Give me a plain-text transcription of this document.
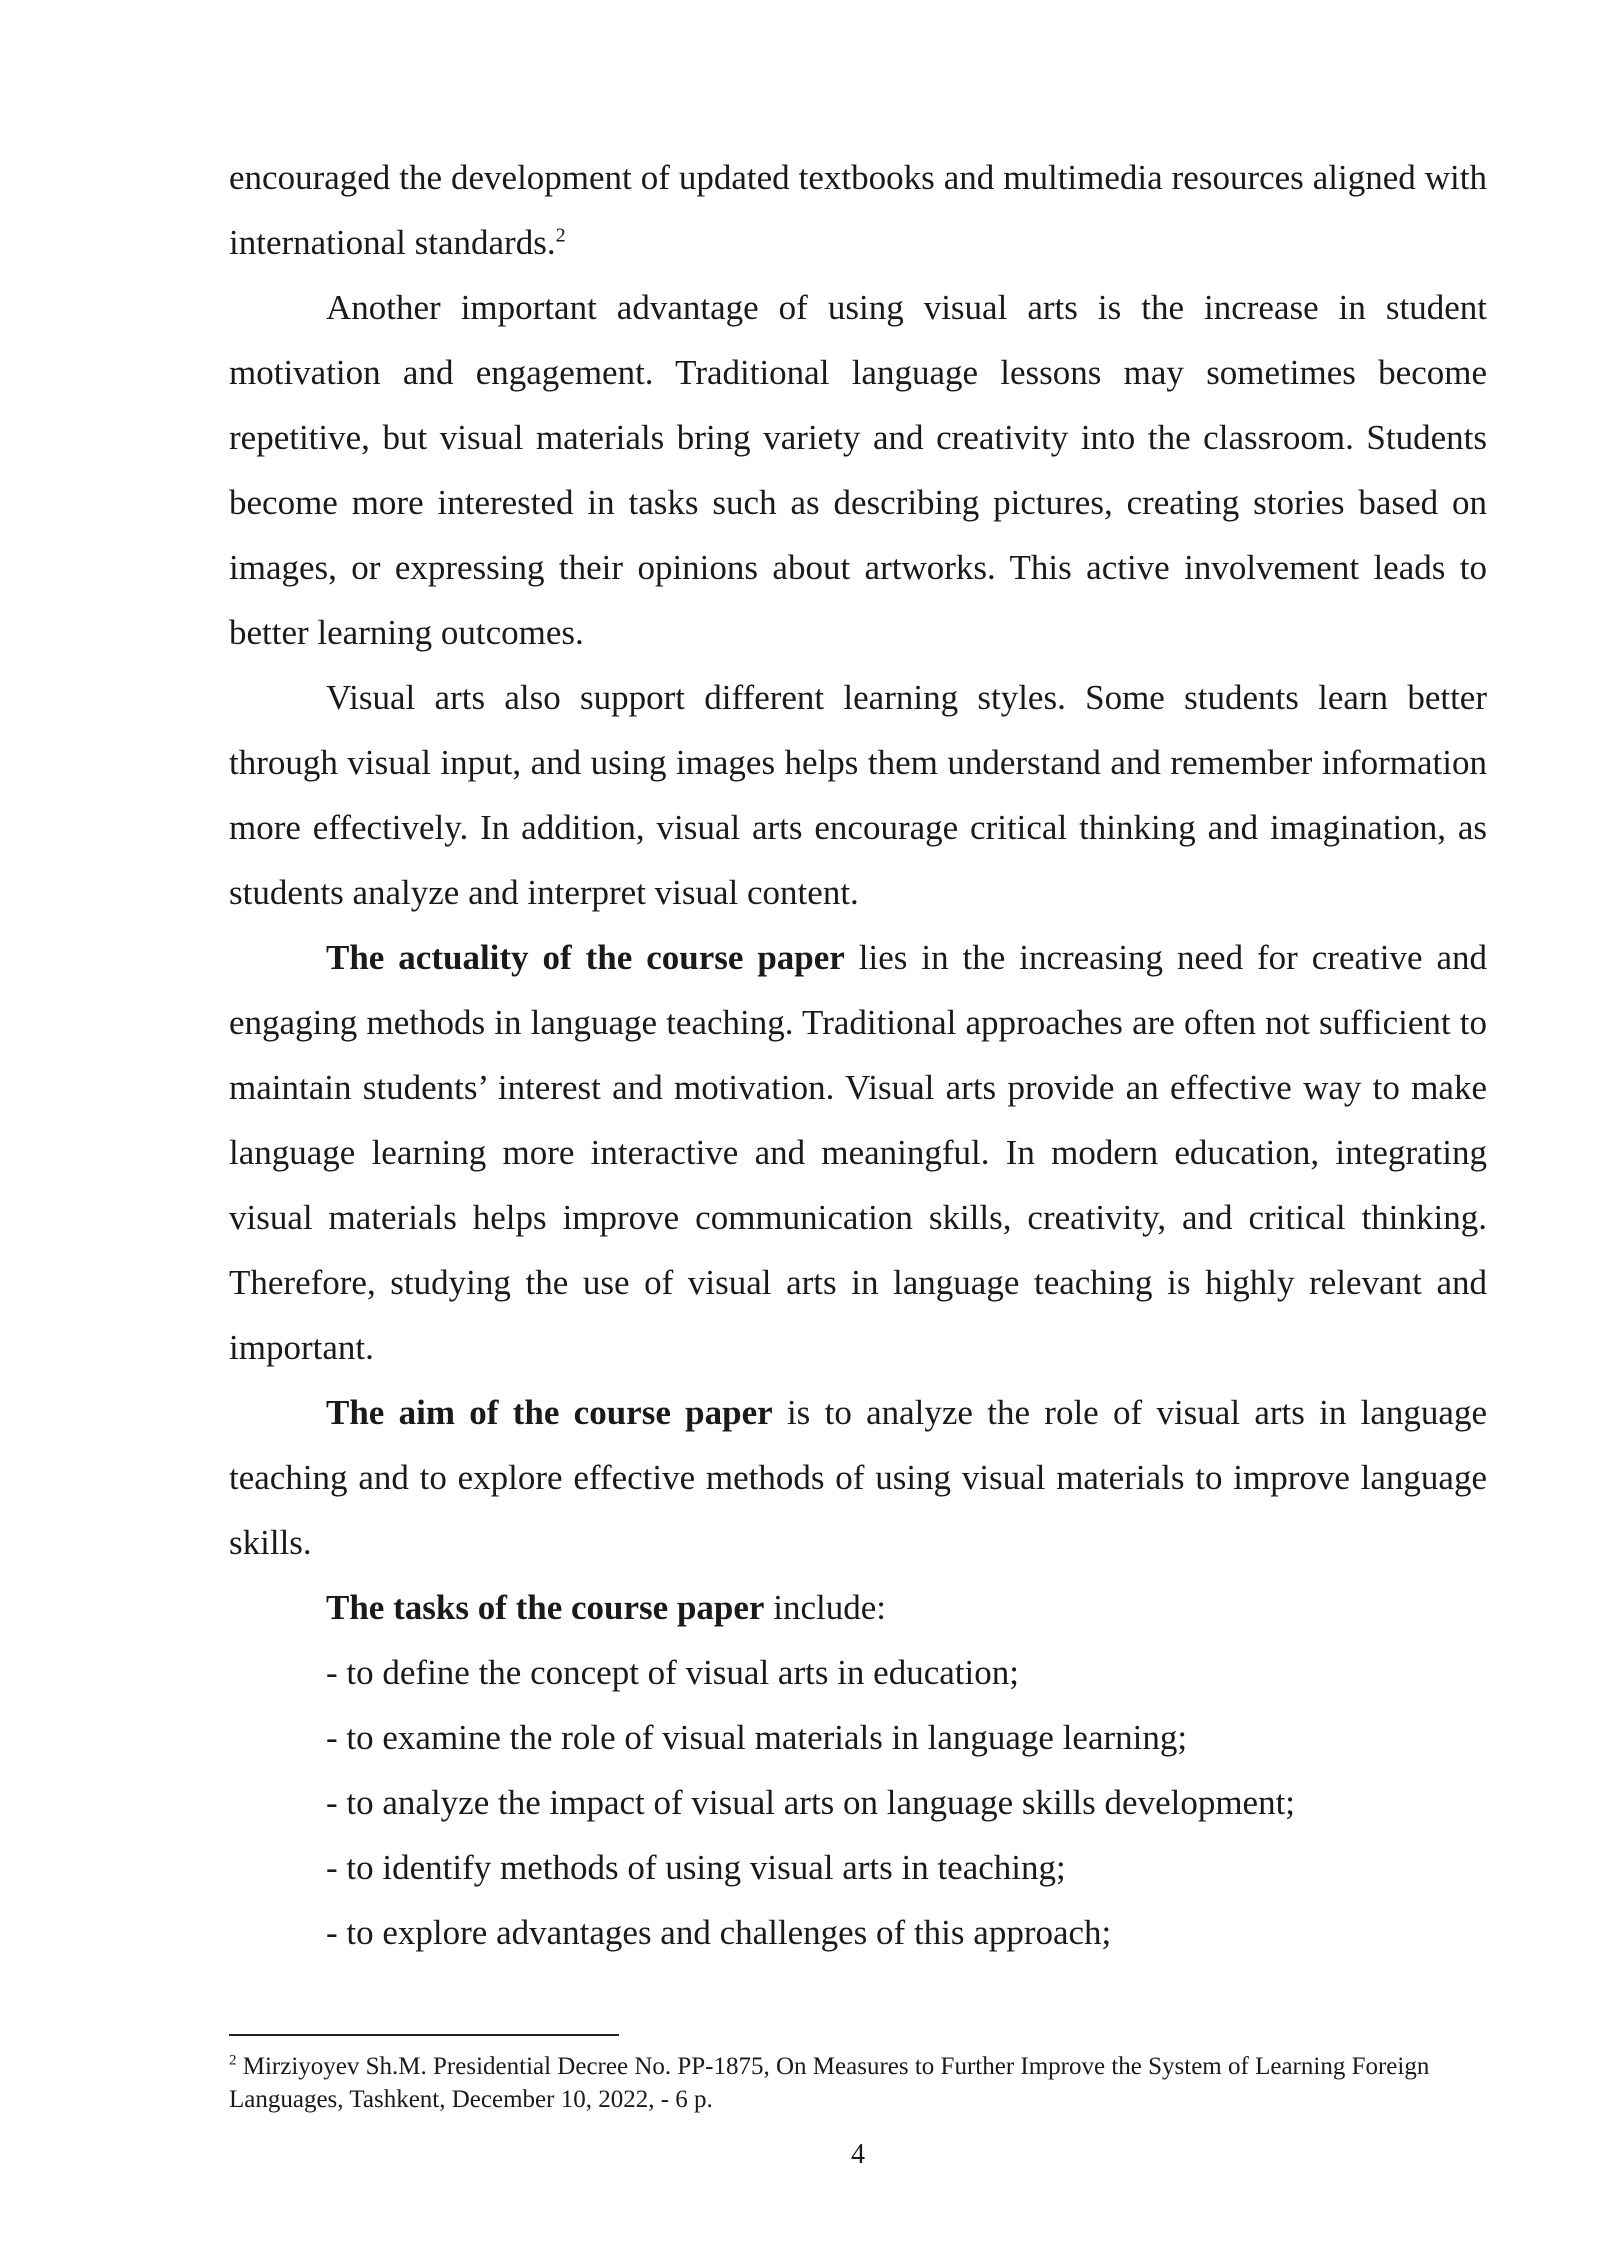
encouraged the development of updated textbooks and multimedia resources aligned with international standards.$^2$

Another important advantage of using visual arts is the increase in student motivation and engagement. Traditional language lessons may sometimes become repetitive, but visual materials bring variety and creativity into the classroom. Students become more interested in tasks such as describing pictures, creating stories based on images, or expressing their opinions about artworks. This active involvement leads to better learning outcomes.

Visual arts also support different learning styles. Some students learn better through visual input, and using images helps them understand and remember information more effectively. In addition, visual arts encourage critical thinking and imagination, as students analyze and interpret visual content.

The actuality of the course paper lies in the increasing need for creative and engaging methods in language teaching. Traditional approaches are often not sufficient to maintain students’ interest and motivation. Visual arts provide an effective way to make language learning more interactive and meaningful. In modern education, integrating visual materials helps improve communication skills, creativity, and critical thinking. Therefore, studying the use of visual arts in language teaching is highly relevant and important.

The aim of the course paper is to analyze the role of visual arts in language teaching and to explore effective methods of using visual materials to improve language skills.

The tasks of the course paper include:

- to define the concept of visual arts in education;

- to examine the role of visual materials in language learning;

- to analyze the impact of visual arts on language skills development;

- to identify methods of using visual arts in teaching;

- to explore advantages and challenges of this approach;

$^2$ Mirziyoyev Sh.M. Presidential Decree No. PP-1875, On Measures to Further Improve the System of Learning Foreign Languages, Tashkent, December 10, 2022, - 6 p.

4
